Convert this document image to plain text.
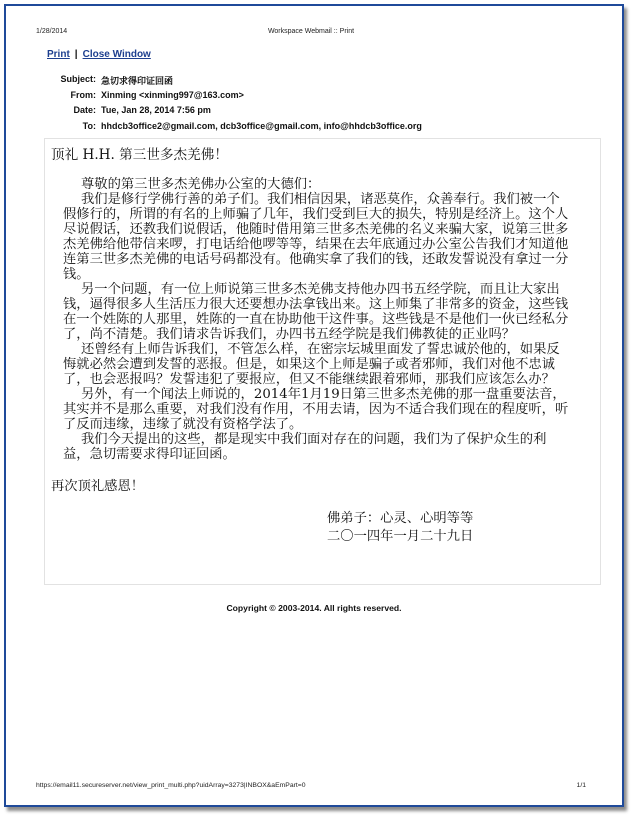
1/28/2014	Workspace Webmail :: Print
Print | Close Window
Subject: 急切求得印证回函
From: Xinming <xinming997@163.com>
Date: Tue, Jan 28, 2014 7:56 pm
To: hhdcb3office2@gmail.com, dcb3office@gmail.com, info@hhdcb3office.org
顶礼 H.H. 第三世多杰羌佛！
尊敬的第三世多杰羌佛办公室的大德们：
我们是修行学佛行善的弟子们。我们相信因果，诸恶莫作，众善奉行。我们被一个
假修行的，所谓的有名的上师骗了几年，我们受到巨大的损失，特别是经济上。这个人
尽说假话，还教我们说假话，他随时借用第三世多杰羌佛的名义来骗大家，说第三世多
杰羌佛给他带信来啰，打电话给他啰等等，结果在去年底通过办公室公告我们才知道他
连第三世多杰羌佛的电话号码都没有。他确实拿了我们的钱，还敢发誓说没有拿过一分
钱。
另一个问题，有一位上师说第三世多杰羌佛支持他办四书五经学院，而且让大家出
钱，逼得很多人生活压力很大还要想办法拿钱出来。这上师集了非常多的资金，这些钱
在一个姓陈的人那里，姓陈的一直在协助他干这件事。这些钱是不是他们一伙已经私分
了，尚不清楚。我们请求告诉我们，办四书五经学院是我们佛教徒的正业吗？
还曾经有上师告诉我们，不管怎么样，在密宗坛城里面发了誓忠诚於他的，如果反
悔就必然会遭到发誓的恶报。但是，如果这个上师是骗子或者邪师，我们对他不忠诚
了，也会恶报吗？发誓违犯了要报应，但又不能继续跟着邪师，那我们应该怎么办？
另外，有一个闻法上师说的，2014年1月19日第三世多杰羌佛的那一盘重要法音，
其实并不是那么重要，对我们没有作用，不用去请，因为不适合我们现在的程度听，听
了反而违缘，违缘了就没有资格学法了。
我们今天提出的这些，都是现实中我们面对存在的问题，我们为了保护众生的利
益，急切需要求得印证回函。
再次顶礼感恩！
佛弟子：心灵、心明等等
二〇一四年一月二十九日
Copyright © 2003-2014. All rights reserved.
https://email11.secureserver.net/view_print_multi.php?uidArray=3273|INBOX&aEmPart=0	1/1
